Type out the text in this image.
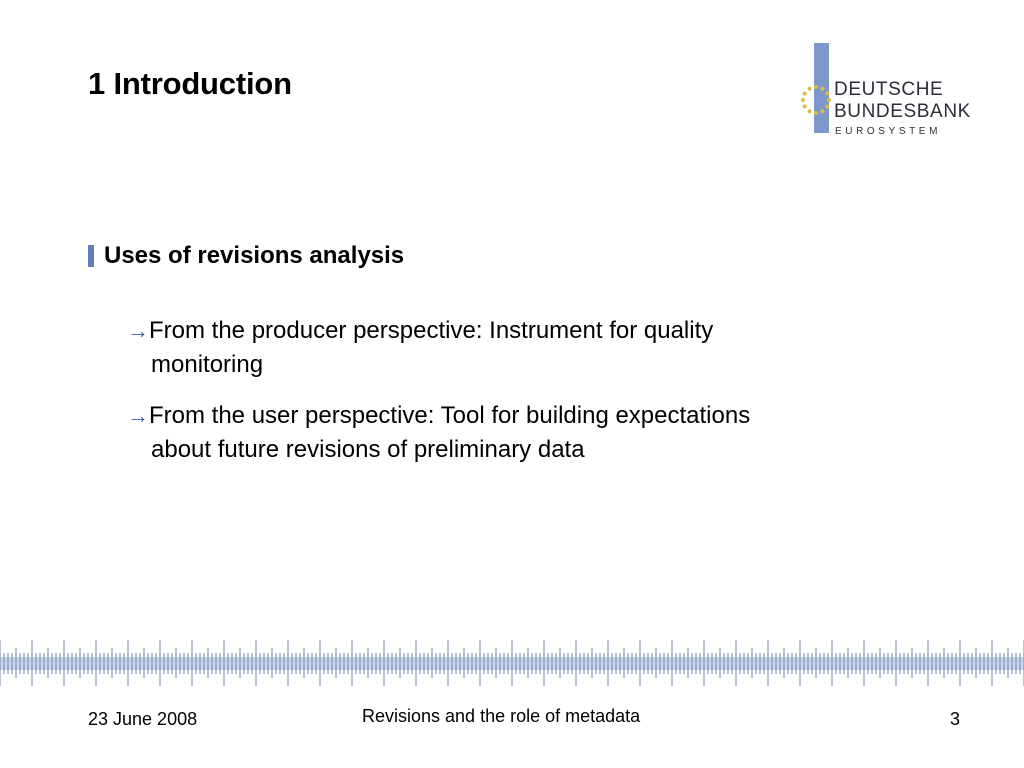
1 Introduction	DEUTSCHE
BUNDESBANK
EUROSYSTEM
Uses of revisions analysis
→From the producer perspective: Instrument for quality
monitoring
→From the user perspective: Tool for building expectations
about future revisions of preliminary data
23 June 2008	Revisions and the role of metadata	3
